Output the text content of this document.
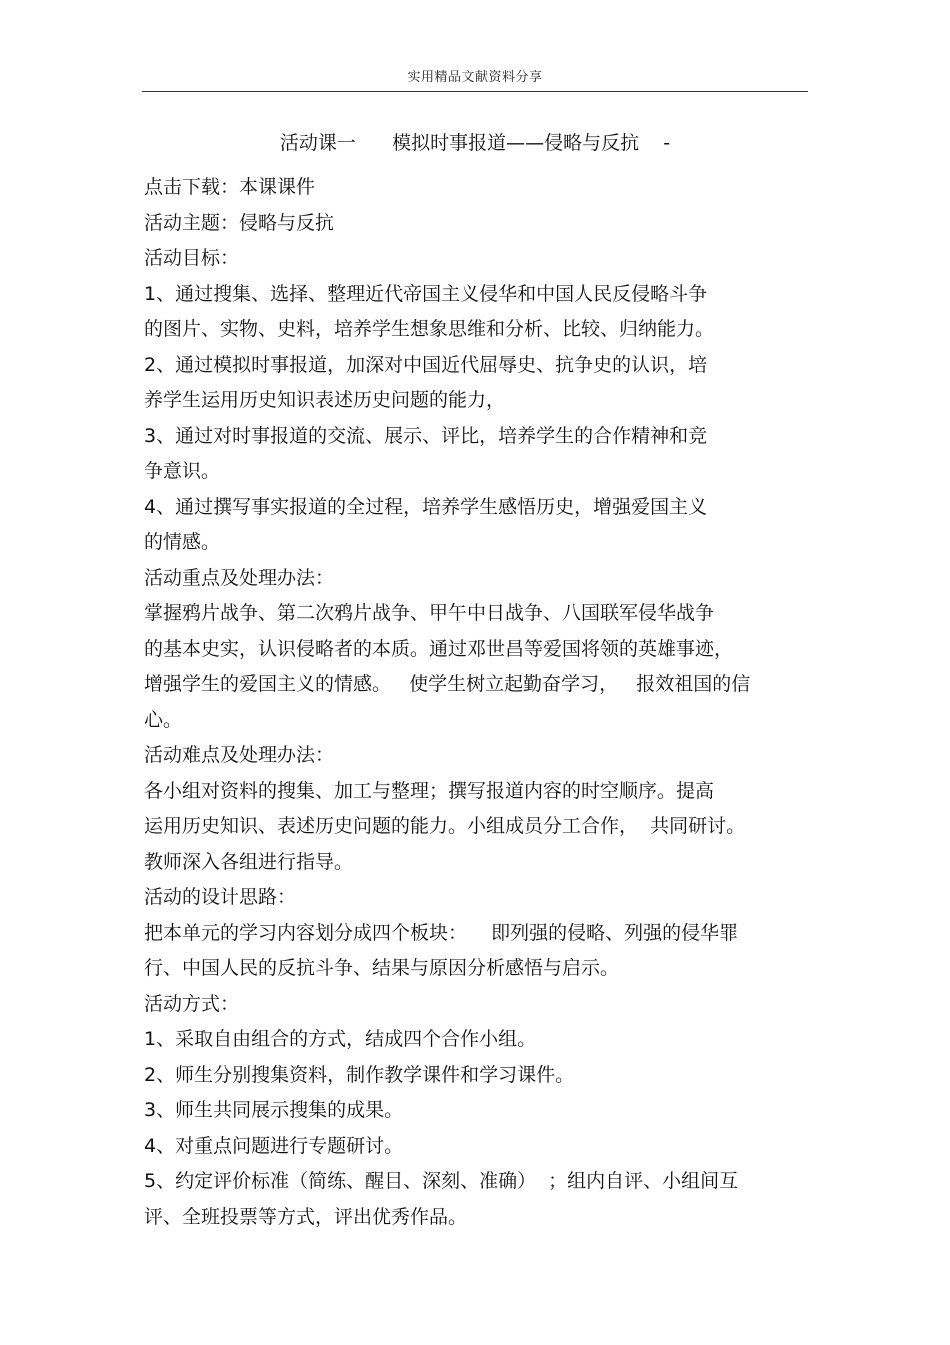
实用精品文献资料分享
活动课一      模拟时事报道——侵略与反抗    -
点击下载：本课课件
活动主题：侵略与反抗
活动目标：
1、通过搜集、选择、整理近代帝国主义侵华和中国人民反侵略斗争
的图片、实物、史料，培养学生想象思维和分析、比较、归纳能力。
2、通过模拟时事报道，加深对中国近代屈辱史、抗争史的认识，培
养学生运用历史知识表述历史问题的能力，
3、通过对时事报道的交流、展示、评比，培养学生的合作精神和竞
争意识。
4、通过撰写事实报道的全过程，培养学生感悟历史，增强爱国主义
的情感。
活动重点及处理办法：
掌握鸦片战争、第二次鸦片战争、甲午中日战争、八国联军侵华战争
的基本史实，认识侵略者的本质。通过邓世昌等爱国将领的英雄事迹，
增强学生的爱国主义的情感。   使学生树立起勤奋学习，   报效祖国的信
心。
活动难点及处理办法：
各小组对资料的搜集、加工与整理；撰写报道内容的时空顺序。提高
运用历史知识、表述历史问题的能力。小组成员分工合作，  共同研讨。
教师深入各组进行指导。
活动的设计思路：
把本单元的学习内容划分成四个板块：    即列强的侵略、列强的侵华罪
行、中国人民的反抗斗争、结果与原因分析感悟与启示。
活动方式：
1、采取自由组合的方式，结成四个合作小组。
2、师生分别搜集资料，制作教学课件和学习课件。
3、师生共同展示搜集的成果。
4、对重点问题进行专题研讨。
5、约定评价标准（简练、醒目、深刻、准确）  ；组内自评、小组间互
评、全班投票等方式，评出优秀作品。
